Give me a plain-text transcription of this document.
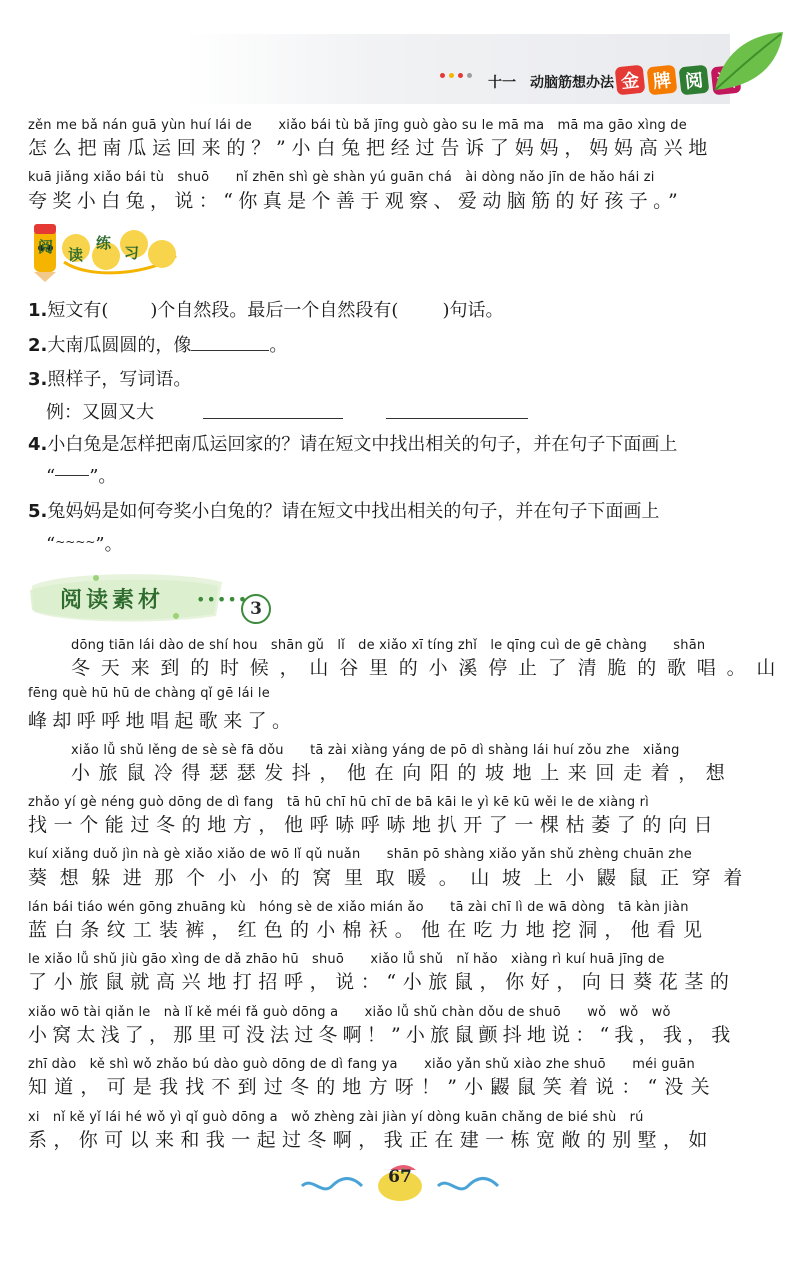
十一　动脑筋想办法 金 牌 阅
zěn me bǎ nán guā yùn huí lái de　　xiǎo bái tù bǎ jīng guò gào su le mā ma　mā ma gāo xìng de
怎么把南瓜运回来的？”小白兔把经过告诉了妈妈，妈妈高兴地
kuā jiǎng xiǎo bái tù　shuō　　nǐ zhēn shì gè shàn yú guān chá　ài dòng nǎo jīn de hǎo hái zi
夸奖小白兔，说：“你真是个善于观察、爱动脑筋的好孩子。”
阅 读
练
习
1.短文有( )个自然段。最后一个自然段有( )句话。
2.大南瓜圆圆的，像	。
3.照样子，写词语。
例：又圆又大
4.小白兔是怎样把南瓜运回家的？请在短文中找出相关的句子，并在句子下面画上
“ ”。
5.兔妈妈是如何夸奖小白兔的？请在短文中找出相关的句子，并在句子下面画上
“~~~~”。
阅读素材 ••••• 3
dōng tiān lái dào de shí hou　shān gǔ　lǐ　de xiǎo xī tíng zhǐ　le qīng cuì de gē chàng　　shān
冬天来到的时候，山谷里的小溪停止了清脆的歌唱。山
fēng què hū hū de chàng qǐ gē lái le
峰却呼呼地唱起歌来了。
xiǎo lǚ shǔ lěng de sè sè fā dǒu　　tā zài xiàng yáng de pō dì shàng lái huí zǒu zhe　xiǎng
小旅鼠冷得瑟瑟发抖，他在向阳的坡地上来回走着，想
zhǎo yí gè néng guò dōng de dì fang　tā hū chī hū chī de bā kāi le yì kē kū wěi le de xiàng rì
找一个能过冬的地方，他呼哧呼哧地扒开了一棵枯萎了的向日
kuí xiǎng duǒ jìn nà gè xiǎo xiǎo de wō lǐ qǔ nuǎn　　shān pō shàng xiǎo yǎn shǔ zhèng chuān zhe
葵想躲进那个小小的窝里取暖。山坡上小鼹鼠正穿着
lán bái tiáo wén gōng zhuāng kù　hóng sè de xiǎo mián ǎo　　tā zài chī lì de wā dòng　tā kàn jiàn
蓝白条纹工装裤，红色的小棉袄。他在吃力地挖洞，他看见
le xiǎo lǚ shǔ jiù gāo xìng de dǎ zhāo hū　shuō　　xiǎo lǚ shǔ　nǐ hǎo　xiàng rì kuí huā jīng de
了小旅鼠就高兴地打招呼，说：“小旅鼠，你好，向日葵花茎的
xiǎo wō tài qiǎn le　nà lǐ kě méi fǎ guò dōng a　　xiǎo lǚ shǔ chàn dǒu de shuō　　wǒ　wǒ　wǒ
小窝太浅了，那里可没法过冬啊！”小旅鼠颤抖地说：“我，我，我
zhī dào　kě shì wǒ zhǎo bú dào guò dōng de dì fang ya　　xiǎo yǎn shǔ xiào zhe shuō　　méi guān
知道，可是我找不到过冬的地方呀！”小鼹鼠笑着说：“没关
xi　nǐ kě yǐ lái hé wǒ yì qǐ guò dōng a　wǒ zhèng zài jiàn yí dòng kuān chǎng de bié shù　rú
系，你可以来和我一起过冬啊，我正在建一栋宽敞的别墅，如
67
